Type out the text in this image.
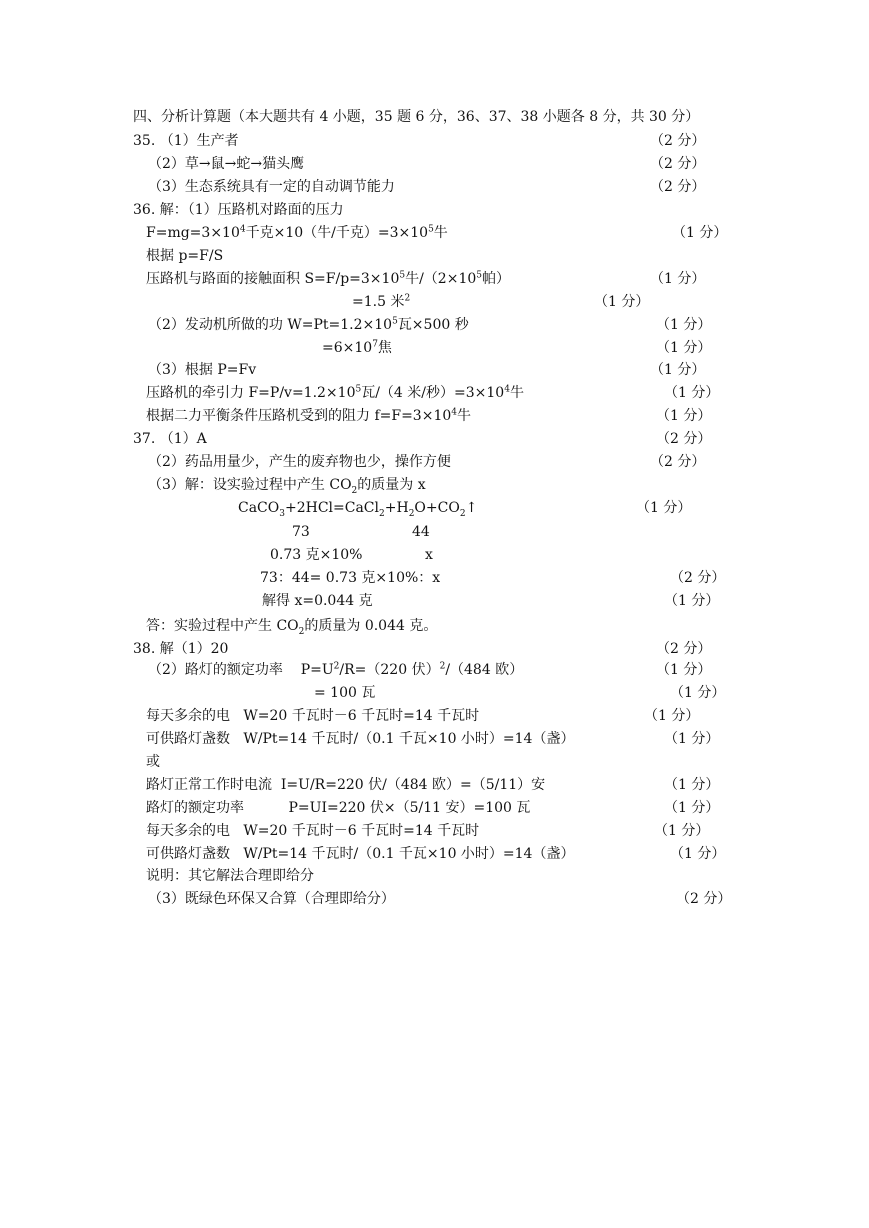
四、分析计算题（本大题共有 4 小题，35 题 6 分，36、37、38 小题各 8 分，共 30 分）
35. （1）生产者	（2 分）
（2）草→鼠→蛇→猫头鹰	（2 分）
（3）生态系统具有一定的自动调节能力	（2 分）
36. 解：（1）压路机对路面的压力
$F=mg=3\times 10^4$千克×10（牛/千克）$=3\times 10^5$牛	（1 分）
根据 p=F/S
压路机与路面的接触面积 $S=F/p=3\times 10^5$牛$/(2\times 10^5$帕）	（1 分）
=1.5 米$^2$	（1 分）
（2）发动机所做的功 $W=Pt=1.2\times 10^5$瓦×500 秒	（1 分）
$=6\times 10^7$焦	（1 分）
（3）根据 P=Fv	（1 分）
压路机的牵引力 $F=P/v=1.2\times 10^5$瓦/（4 米/秒）$=3\times 10^4$牛	（1 分）
根据二力平衡条件压路机受到的阻力 $f=F=3\times 10^4$牛	（1 分）
37. （1）A	（2 分）
（2）药品用量少，产生的废弃物也少，操作方便	（2 分）
（3）解：设实验过程中产生 $CO_2$的质量为 x
$CaCO_3+2HCl=CaCl_2+H_2O+CO_2↑$	（1 分）
73	44
0.73 克×10%	x
73：44= 0.73 克×10%：x	（2 分）
解得 x=0.044 克	（1 分）
答：实验过程中产生 $CO_2$的质量为 0.044 克。
38. 解（1）20	（2 分）
（2）路灯的额定功率    $P=U^2/R=(220$ 伏）$^2$/（484 欧）	（1 分）
= 100 瓦	（1 分）
每天多余的电   W=20 千瓦时－6 千瓦时=14 千瓦时	（1 分）
可供路灯盏数   W/Pt=14 千瓦时/（0.1 千瓦×10 小时）=14（盏）	（1 分）
或
路灯正常工作时电流  I=U/R=220 伏/（484 欧）=（5/11）安	（1 分）
路灯的额定功率          P=UI=220 伏×（5/11 安）=100 瓦	（1 分）
每天多余的电   W=20 千瓦时－6 千瓦时=14 千瓦时	（1 分）
可供路灯盏数   W/Pt=14 千瓦时/（0.1 千瓦×10 小时）=14（盏）	（1 分）
说明：其它解法合理即给分
（3）既绿色环保又合算（合理即给分）	（2 分）
